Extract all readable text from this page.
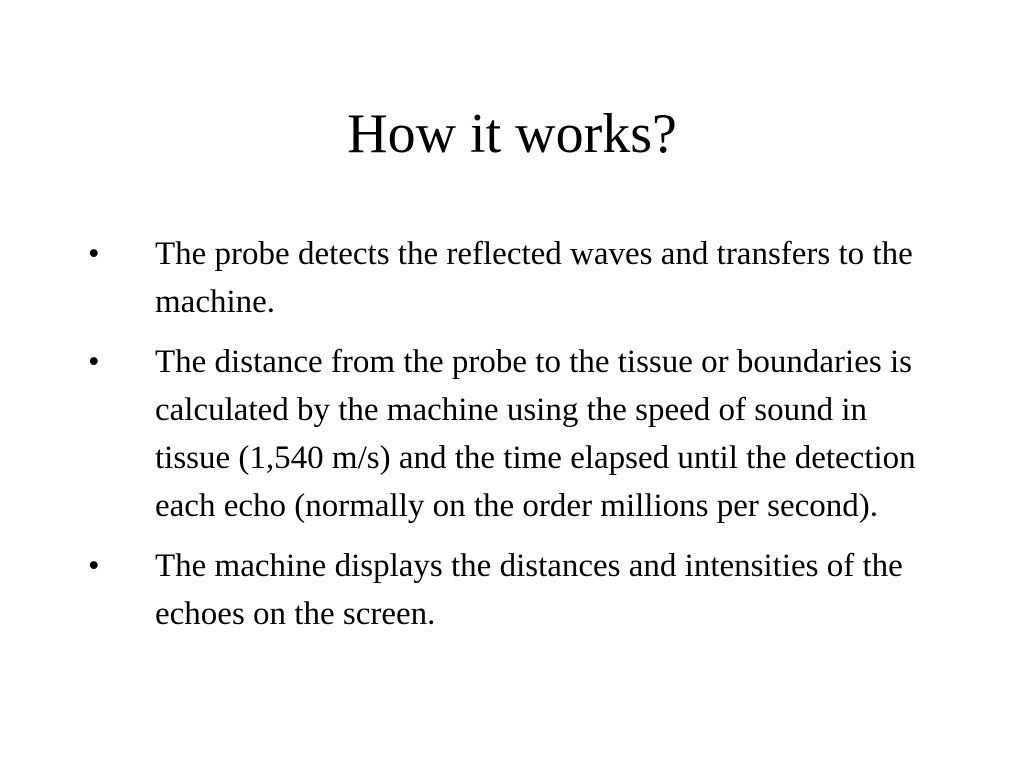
How it works?
•	The probe detects the reflected waves and transfers to the machine.
•	The distance from the probe to the tissue or boundaries is calculated by the machine using the speed of sound in tissue (1,540 m/s) and the time elapsed until the detection each echo (normally on the order millions per second).
•	The machine displays the distances and intensities of the echoes on the screen.
